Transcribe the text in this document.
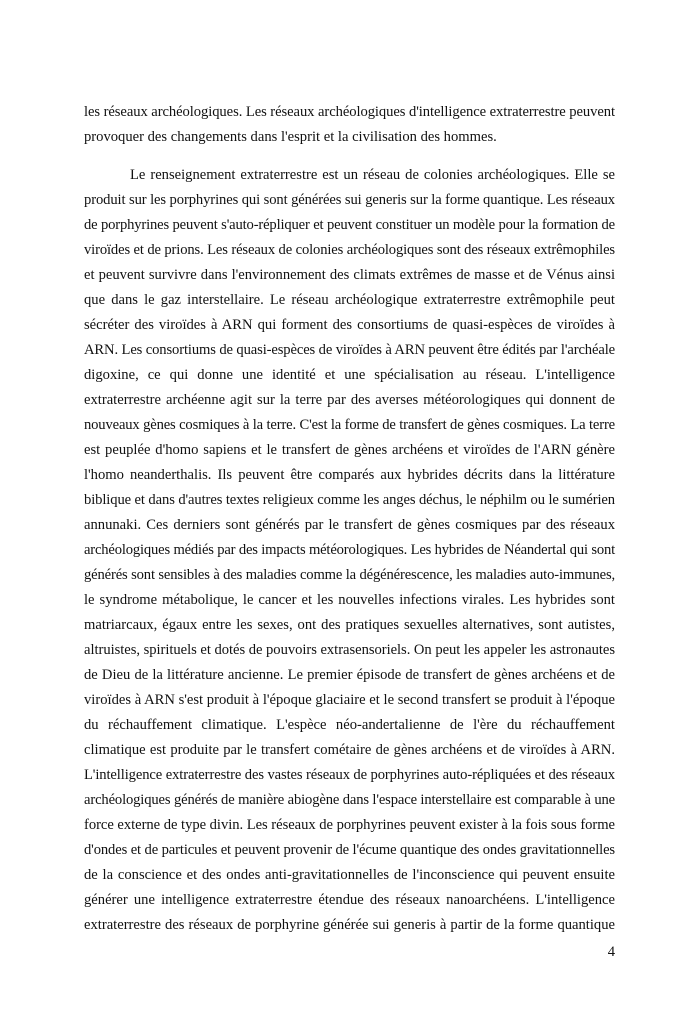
les réseaux archéologiques. Les réseaux archéologiques d'intelligence extraterrestre peuvent
provoquer des changements dans l'esprit et la civilisation des hommes.
Le renseignement extraterrestre est un réseau de colonies archéologiques. Elle se
produit sur les porphyrines qui sont générées sui generis sur la forme quantique. Les réseaux
de porphyrines peuvent s'auto-répliquer et peuvent constituer un modèle pour la formation de
viroïdes et de prions. Les réseaux de colonies archéologiques sont des réseaux extrêmophiles
et peuvent survivre dans l'environnement des climats extrêmes de masse et de Vénus ainsi
que dans le gaz interstellaire. Le réseau archéologique extraterrestre extrêmophile peut
sécréter des viroïdes à ARN qui forment des consortiums de quasi-espèces de viroïdes à
ARN. Les consortiums de quasi-espèces de viroïdes à ARN peuvent être édités par l'archéale
digoxine, ce qui donne une identité et une spécialisation au réseau. L'intelligence
extraterrestre archéenne agit sur la terre par des averses météorologiques qui donnent de
nouveaux gènes cosmiques à la terre. C'est la forme de transfert de gènes cosmiques. La terre
est peuplée d'homo sapiens et le transfert de gènes archéens et viroïdes de l'ARN génère
l'homo neanderthalis. Ils peuvent être comparés aux hybrides décrits dans la littérature
biblique et dans d'autres textes religieux comme les anges déchus, le néphilm ou le sumérien
annunaki. Ces derniers sont générés par le transfert de gènes cosmiques par des réseaux
archéologiques médiés par des impacts météorologiques. Les hybrides de Néandertal qui sont
générés sont sensibles à des maladies comme la dégénérescence, les maladies auto-immunes,
le syndrome métabolique, le cancer et les nouvelles infections virales. Les hybrides sont
matriarcaux, égaux entre les sexes, ont des pratiques sexuelles alternatives, sont autistes,
altruistes, spirituels et dotés de pouvoirs extrasensoriels. On peut les appeler les astronautes
de Dieu de la littérature ancienne. Le premier épisode de transfert de gènes archéens et de
viroïdes à ARN s'est produit à l'époque glaciaire et le second transfert se produit à l'époque
du réchauffement climatique. L'espèce néo-andertalienne de l'ère du réchauffement
climatique est produite par le transfert cométaire de gènes archéens et de viroïdes à ARN.
L'intelligence extraterrestre des vastes réseaux de porphyrines auto-répliquées et des réseaux
archéologiques générés de manière abiogène dans l'espace interstellaire est comparable à une
force externe de type divin. Les réseaux de porphyrines peuvent exister à la fois sous forme
d'ondes et de particules et peuvent provenir de l'écume quantique des ondes gravitationnelles
de la conscience et des ondes anti-gravitationnelles de l'inconscience qui peuvent ensuite
générer une intelligence extraterrestre étendue des réseaux nanoarchéens. L'intelligence
extraterrestre des réseaux de porphyrine générée sui generis à partir de la forme quantique
4
